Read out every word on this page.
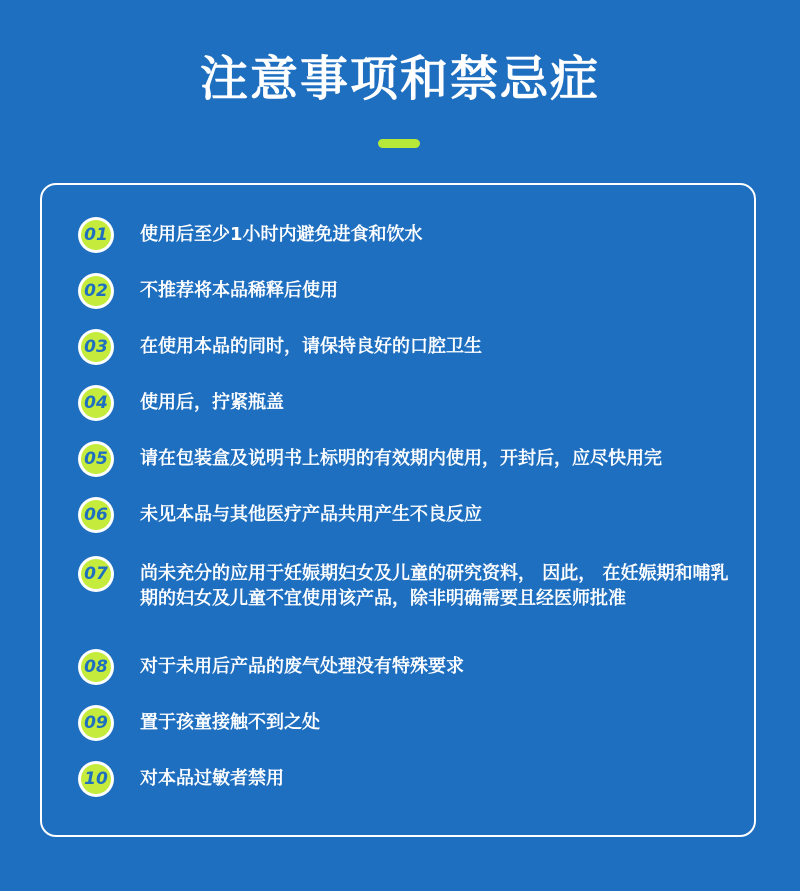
注意事项和禁忌症
01 使用后至少1小时内避免进食和饮水
02 不推荐将本品稀释后使用
03 在使用本品的同时，请保持良好的口腔卫生
04 使用后，拧紧瓶盖
05 请在包装盒及说明书上标明的有效期内使用，开封后，应尽快用完
06 未见本品与其他医疗产品共用产生不良反应
07 尚未充分的应用于妊娠期妇女及儿童的研究资料， 因此， 在妊娠期和哺乳期的妇女及儿童不宜使用该产品，除非明确需要且经医师批准
08 对于未用后产品的废气处理没有特殊要求
09 置于孩童接触不到之处
10 对本品过敏者禁用
